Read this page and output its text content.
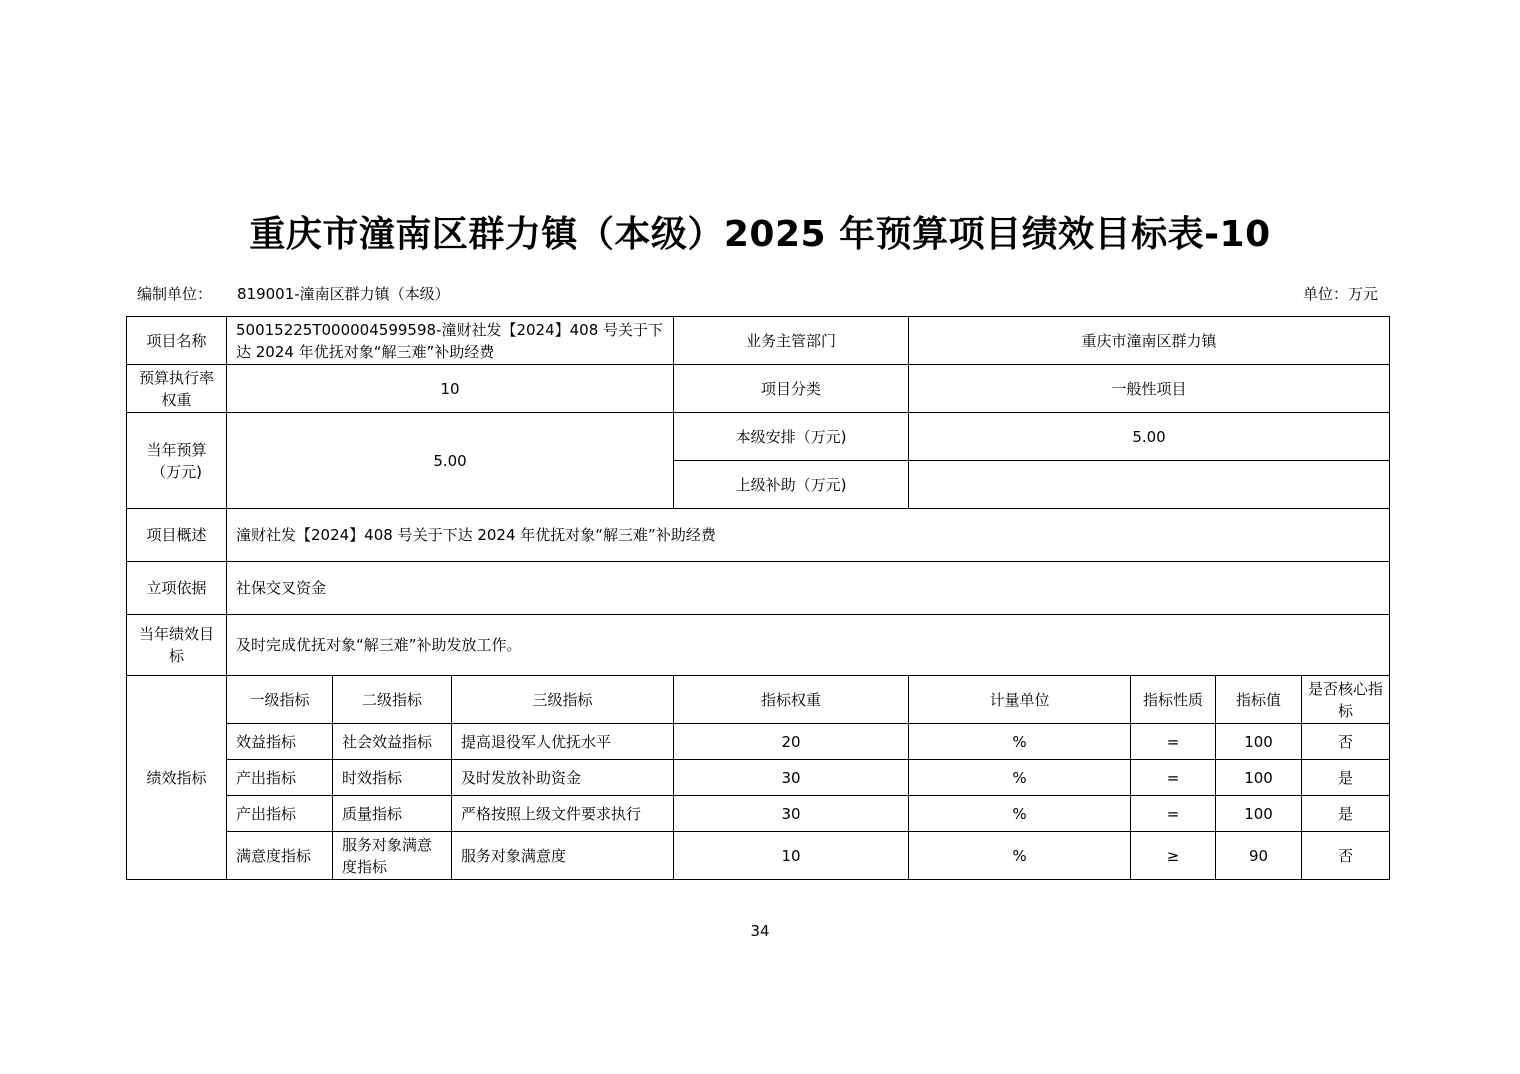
重庆市潼南区群力镇（本级）2025 年预算项目绩效目标表-10
编制单位： 819001-潼南区群力镇（本级）	单位：万元
项目名称	50015225T000004599598-潼财社发【2024】408 号关于下达 2024 年优抚对象“解三难”补助经费			业务主管部门	重庆市潼南区群力镇			
预算执行率权重	10			项目分类	一般性项目			
当年预算（万元)	5.00			本级安排（万元)	5.00			
				上级补助（万元)				
项目概述	潼财社发【2024】408 号关于下达 2024 年优抚对象“解三难”补助经费							
立项依据	社保交叉资金							
当年绩效目标	及时完成优抚对象“解三难”补助发放工作。							
绩效指标	一级指标	二级指标	三级指标	指标权重	计量单位	指标性质	指标值	是否核心指标
	效益指标	社会效益指标	提高退役军人优抚水平	20	%	=	100	否
	产出指标	时效指标	及时发放补助资金	30	%	=	100	是
	产出指标	质量指标	严格按照上级文件要求执行	30	%	=	100	是
	满意度指标	服务对象满意度指标	服务对象满意度	10	%	≥	90	否
34
